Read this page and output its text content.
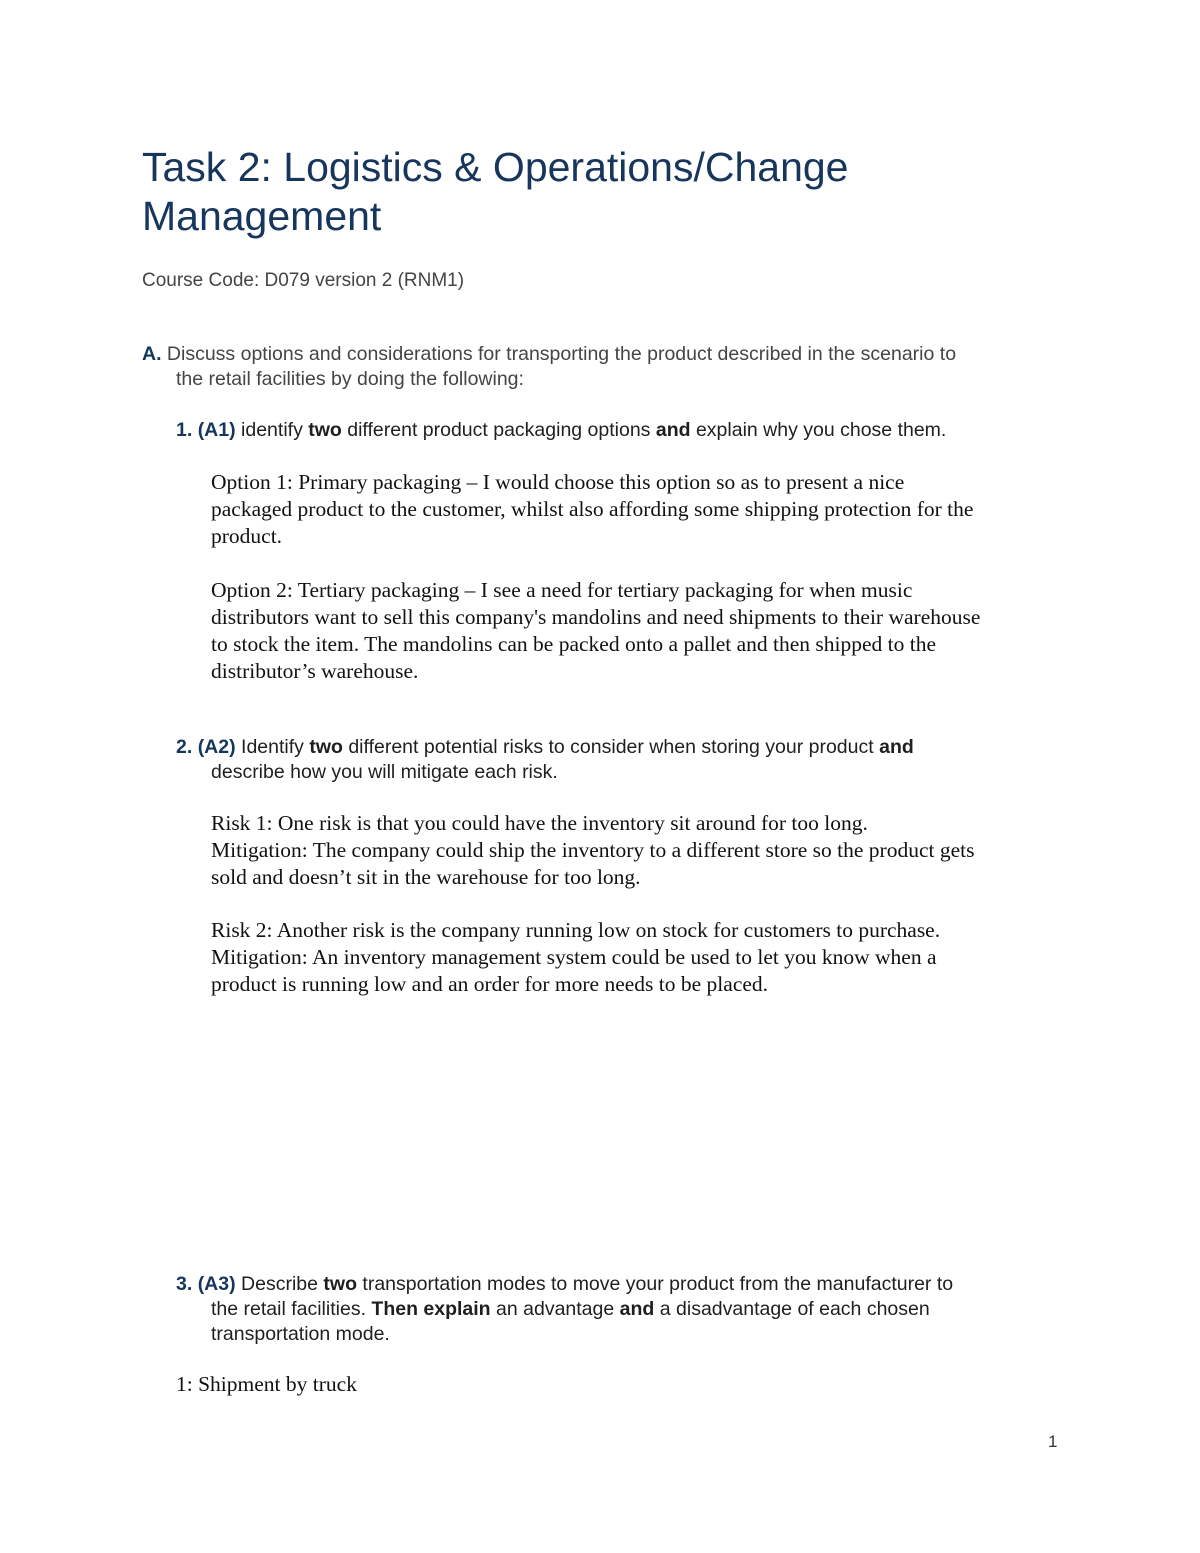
Task 2: Logistics & Operations/Change
Management
Course Code: D079 version 2 (RNM1)
A. Discuss options and considerations for transporting the product described in the scenario to
the retail facilities by doing the following:
1. (A1) identify two different product packaging options and explain why you chose them.
Option 1: Primary packaging – I would choose this option so as to present a nice
packaged product to the customer, whilst also affording some shipping protection for the
product.
Option 2: Tertiary packaging – I see a need for tertiary packaging for when music
distributors want to sell this company's mandolins and need shipments to their warehouse
to stock the item. The mandolins can be packed onto a pallet and then shipped to the
distributor’s warehouse.
2. (A2) Identify two different potential risks to consider when storing your product and
describe how you will mitigate each risk.
Risk 1: One risk is that you could have the inventory sit around for too long.
Mitigation: The company could ship the inventory to a different store so the product gets
sold and doesn’t sit in the warehouse for too long.
Risk 2: Another risk is the company running low on stock for customers to purchase.
Mitigation: An inventory management system could be used to let you know when a
product is running low and an order for more needs to be placed.
3. (A3) Describe two transportation modes to move your product from the manufacturer to
the retail facilities. Then explain an advantage and a disadvantage of each chosen
transportation mode.
1: Shipment by truck
1
